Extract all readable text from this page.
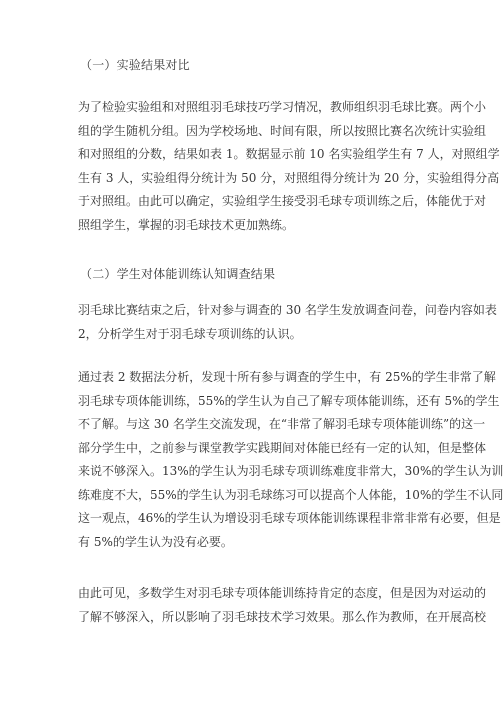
（一）实验结果对比
为了检验实验组和对照组羽毛球技巧学习情况，教师组织羽毛球比赛。两个小
组的学生随机分组。因为学校场地、时间有限，所以按照比赛名次统计实验组
和对照组的分数，结果如表 1。数据显示前 10 名实验组学生有 7 人，对照组学
生有 3 人，实验组得分统计为 50 分，对照组得分统计为 20 分，实验组得分高
于对照组。由此可以确定，实验组学生接受羽毛球专项训练之后，体能优于对
照组学生，掌握的羽毛球技术更加熟练。
（二）学生对体能训练认知调查结果
羽毛球比赛结束之后，针对参与调查的 30 名学生发放调查问卷，问卷内容如表
2，分析学生对于羽毛球专项训练的认识。
通过表 2 数据法分析，发现十所有参与调查的学生中，有 25%的学生非常了解
羽毛球专项体能训练，55%的学生认为自己了解专项体能训练，还有 5%的学生
不了解。与这 30 名学生交流发现，在“非常了解羽毛球专项体能训练”的这一
部分学生中，之前参与课堂教学实践期间对体能已经有一定的认知，但是整体
来说不够深入。13%的学生认为羽毛球专项训练难度非常大，30%的学生认为训
练难度不大，55%的学生认为羽毛球练习可以提高个人体能，10%的学生不认同
这一观点，46%的学生认为增设羽毛球专项体能训练课程非常非常有必要，但是
有 5%的学生认为没有必要。
由此可见，多数学生对羽毛球专项体能训练持肯定的态度，但是因为对运动的
了解不够深入，所以影响了羽毛球技术学习效果。那么作为教师，在开展高校
